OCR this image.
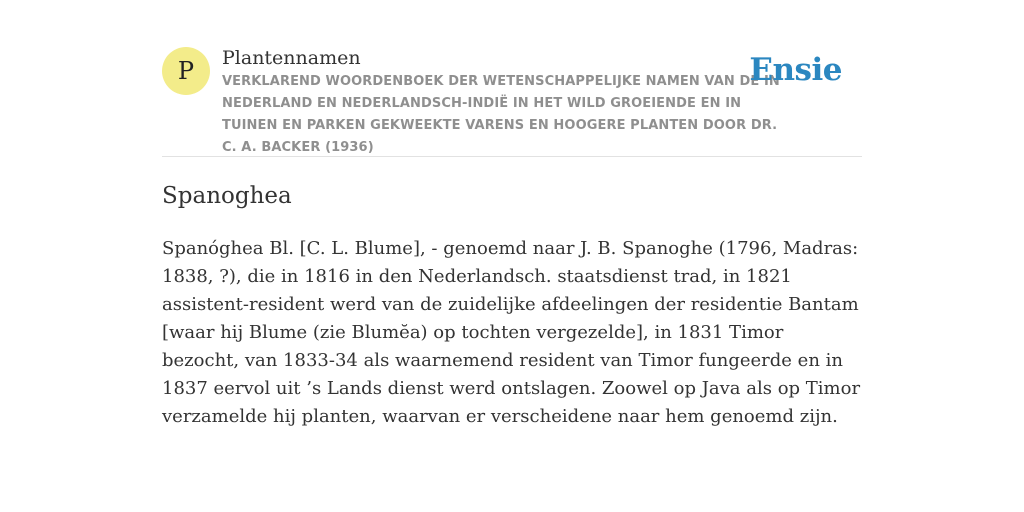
P	Plantennamen
VERKLAREND WOORDENBOEK DER WETENSCHAPPELIJKE NAMEN VAN DE IN NEDERLAND EN NEDERLANDSCH-INDIË IN HET WILD GROEIENDE EN IN TUINEN EN PARKEN GEKWEEKTE VARENS EN HOOGERE PLANTEN DOOR DR. C. A. BACKER (1936)
Ensie
Spanoghea

Spanóghea Bl. [C. L. Blume], - genoemd naar J. B. Spanoghe (1796, Madras: 1838, ?), die in 1816 in den Nederlandsch. staatsdienst trad, in 1821 assistent-resident werd van de zuidelijke afdeelingen der residentie Bantam [waar hij Blume (zie Blumĕa) op tochten vergezelde], in 1831 Timor bezocht, van 1833-34 als waarnemend resident van Timor fungeerde en in 1837 eervol uit ’s Lands dienst werd ontslagen. Zoowel op Java als op Timor verzamelde hij planten, waarvan er verscheidene naar hem genoemd zijn.
